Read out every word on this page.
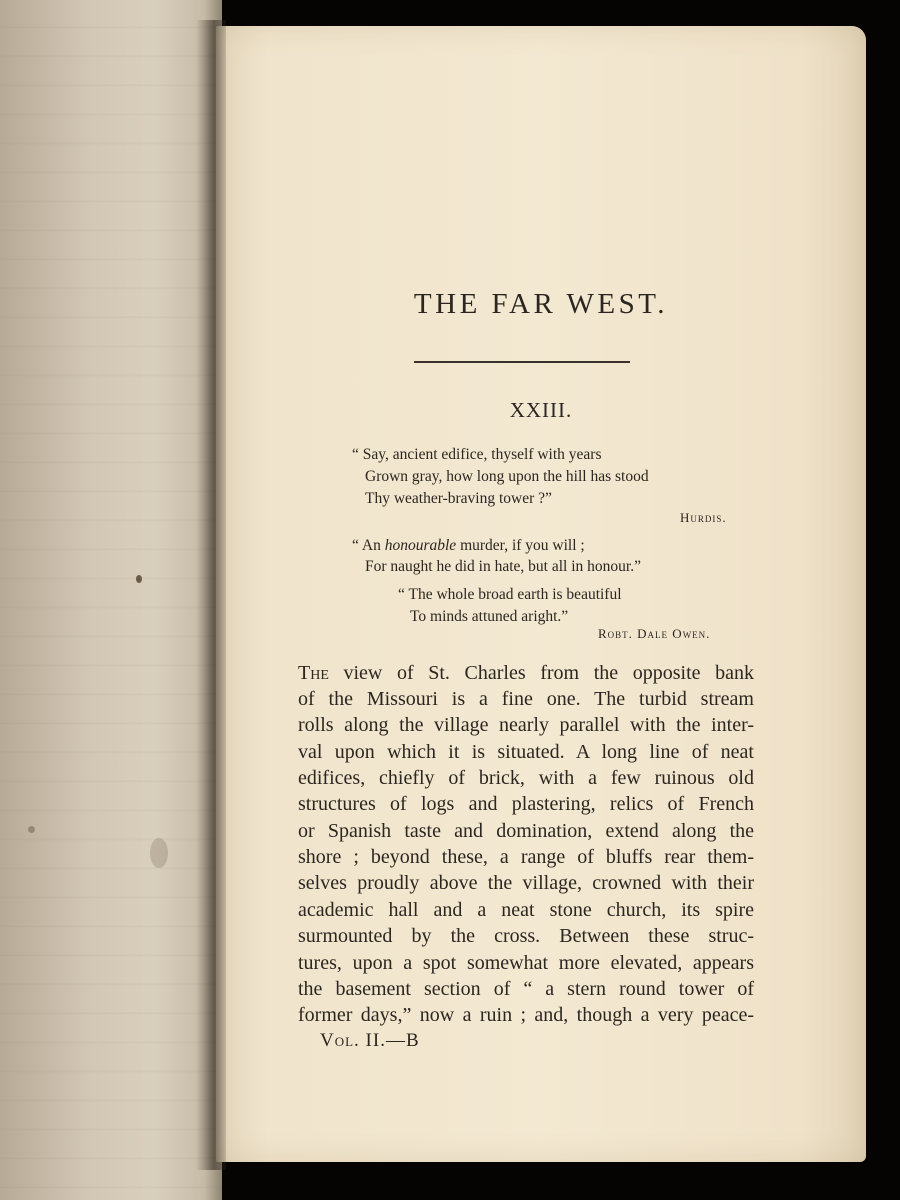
THE FAR WEST.
XXIII.
“ Say, ancient edifice, thyself with years
Grown gray, how long upon the hill has stood
Thy weather-braving tower ?”
Hurdis.
“ An honourable murder, if you will ;
For naught he did in hate, but all in honour.”
“ The whole broad earth is beautiful
To minds attuned aright.”
Robt. Dale Owen.
The view of St. Charles from the opposite bank
of the Missouri is a fine one. The turbid stream
rolls along the village nearly parallel with the inter-
val upon which it is situated. A long line of neat
edifices, chiefly of brick, with a few ruinous old
structures of logs and plastering, relics of French
or Spanish taste and domination, extend along the
shore ; beyond these, a range of bluffs rear them-
selves proudly above the village, crowned with their
academic hall and a neat stone church, its spire
surmounted by the cross. Between these struc-
tures, upon a spot somewhat more elevated, appears
the basement section of “ a stern round tower of
former days,” now a ruin ; and, though a very peace-
Vol. II.—B
